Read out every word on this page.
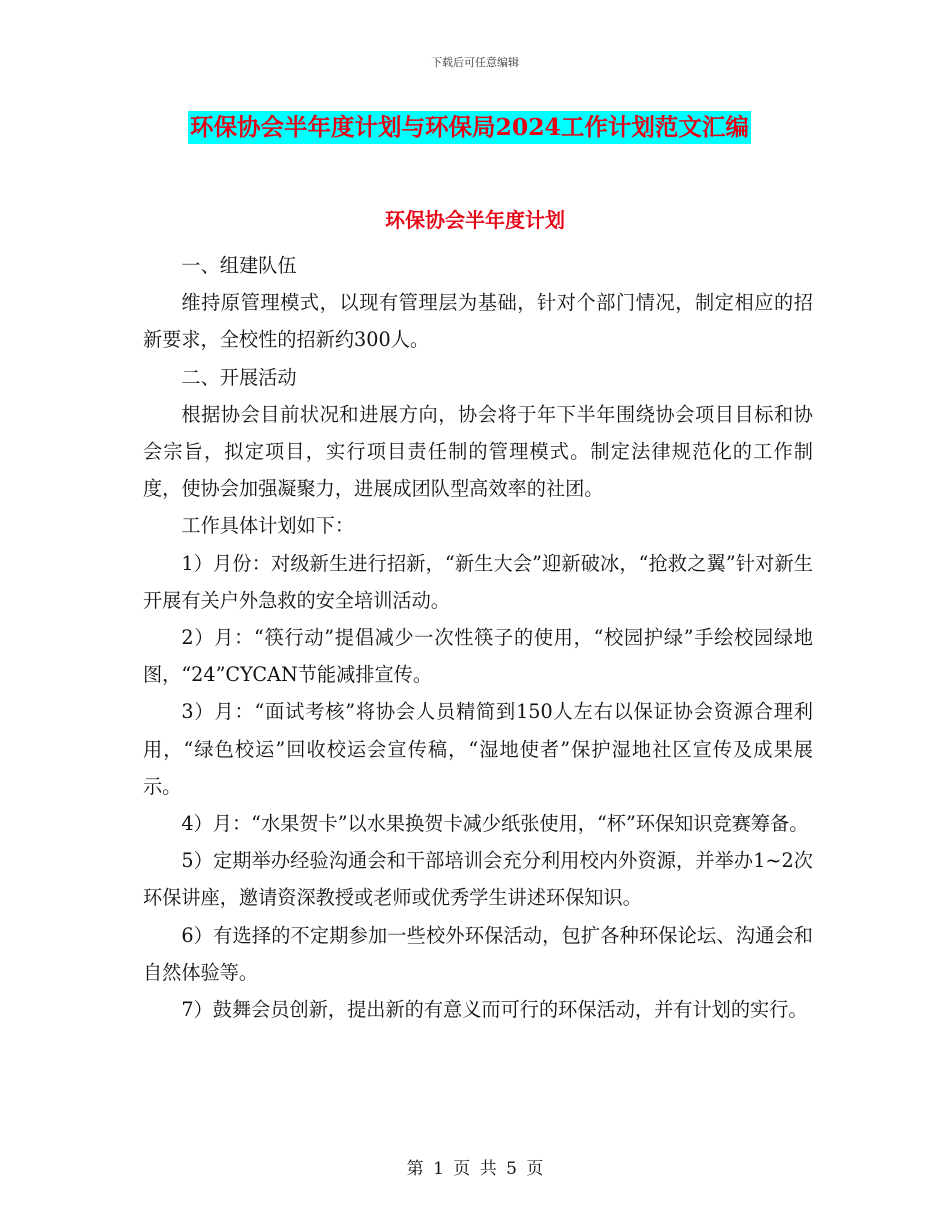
下载后可任意编辑
环保协会半年度计划与环保局2024工作计划范文汇编
环保协会半年度计划

一、组建队伍

维持原管理模式，以现有管理层为基础，针对个部门情况，制定相应的招新要求，全校性的招新约300人。

二、开展活动

根据协会目前状况和进展方向，协会将于年下半年围绕协会项目目标和协会宗旨，拟定项目，实行项目责任制的管理模式。制定法律规范化的工作制度，使协会加强凝聚力，进展成团队型高效率的社团。

工作具体计划如下：

1）月份：对级新生进行招新，“新生大会”迎新破冰，“抢救之翼”针对新生开展有关户外急救的安全培训活动。

2）月：“筷行动”提倡减少一次性筷子的使用，“校园护绿”手绘校园绿地图，“24”CYCAN节能减排宣传。

3）月：“面试考核”将协会人员精简到150人左右以保证协会资源合理利用，“绿色校运”回收校运会宣传稿，“湿地使者”保护湿地社区宣传及成果展示。

4）月：“水果贺卡”以水果换贺卡减少纸张使用，“杯”环保知识竞赛筹备。

5）定期举办经验沟通会和干部培训会充分利用校内外资源，并举办1~2次环保讲座，邀请资深教授或老师或优秀学生讲述环保知识。

6）有选择的不定期参加一些校外环保活动，包扩各种环保论坛、沟通会和自然体验等。

7）鼓舞会员创新，提出新的有意义而可行的环保活动，并有计划的实行。

第 1 页 共 5 页
